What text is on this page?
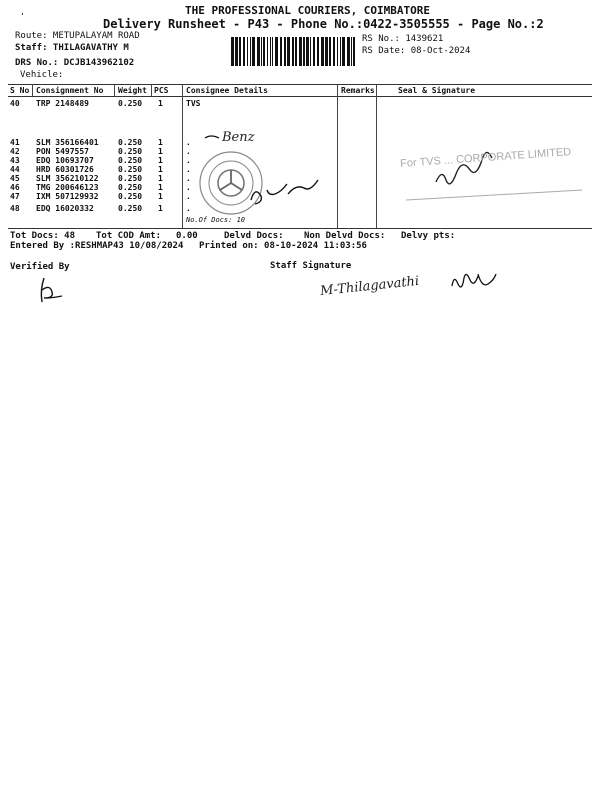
THE PROFESSIONAL COURIERS, COIMBATORE
ʻ
Delivery Runsheet - P43 - Phone No.:0422-3505555 - Page No.:2
Route: METUPALAYAM ROAD
Staff: THILAGAVATHY M
DRS No.: DCJB143962102
Vehicle:
RS No.: 1439621
RS Date: 08-Oct-2024
S No Consignment No Weight PCS Consignee Details	Remarks	Seal & Signature
40 TRP 2148489	0.250 1	TVS
41 SLM 356166401 0.250 1	.
42 PON 5497557	0.250 1	.
43 EDQ 10693707	0.250 1	.
44 HRD 60301726	0.250 1	.
45 SLM 356210122 0.250 1	.
46 TMG 200646123 0.250 1	.
47 IXM 507129932 0.250 1	.
48 EDQ 16020332	0.250 1	.
No.Of Docs: 10
Benz
For TVS ... CORPORATE LIMITED
Tot Docs: 48 Tot COD Amt: 0.00	Delvd Docs: Non Delvd Docs: Delvy pts:
Entered By :RESHMAP43 10/08/2024 Printed on: 08-10-2024 11:03:56
Verified By	Staff Signature
M-Thilagavathi
